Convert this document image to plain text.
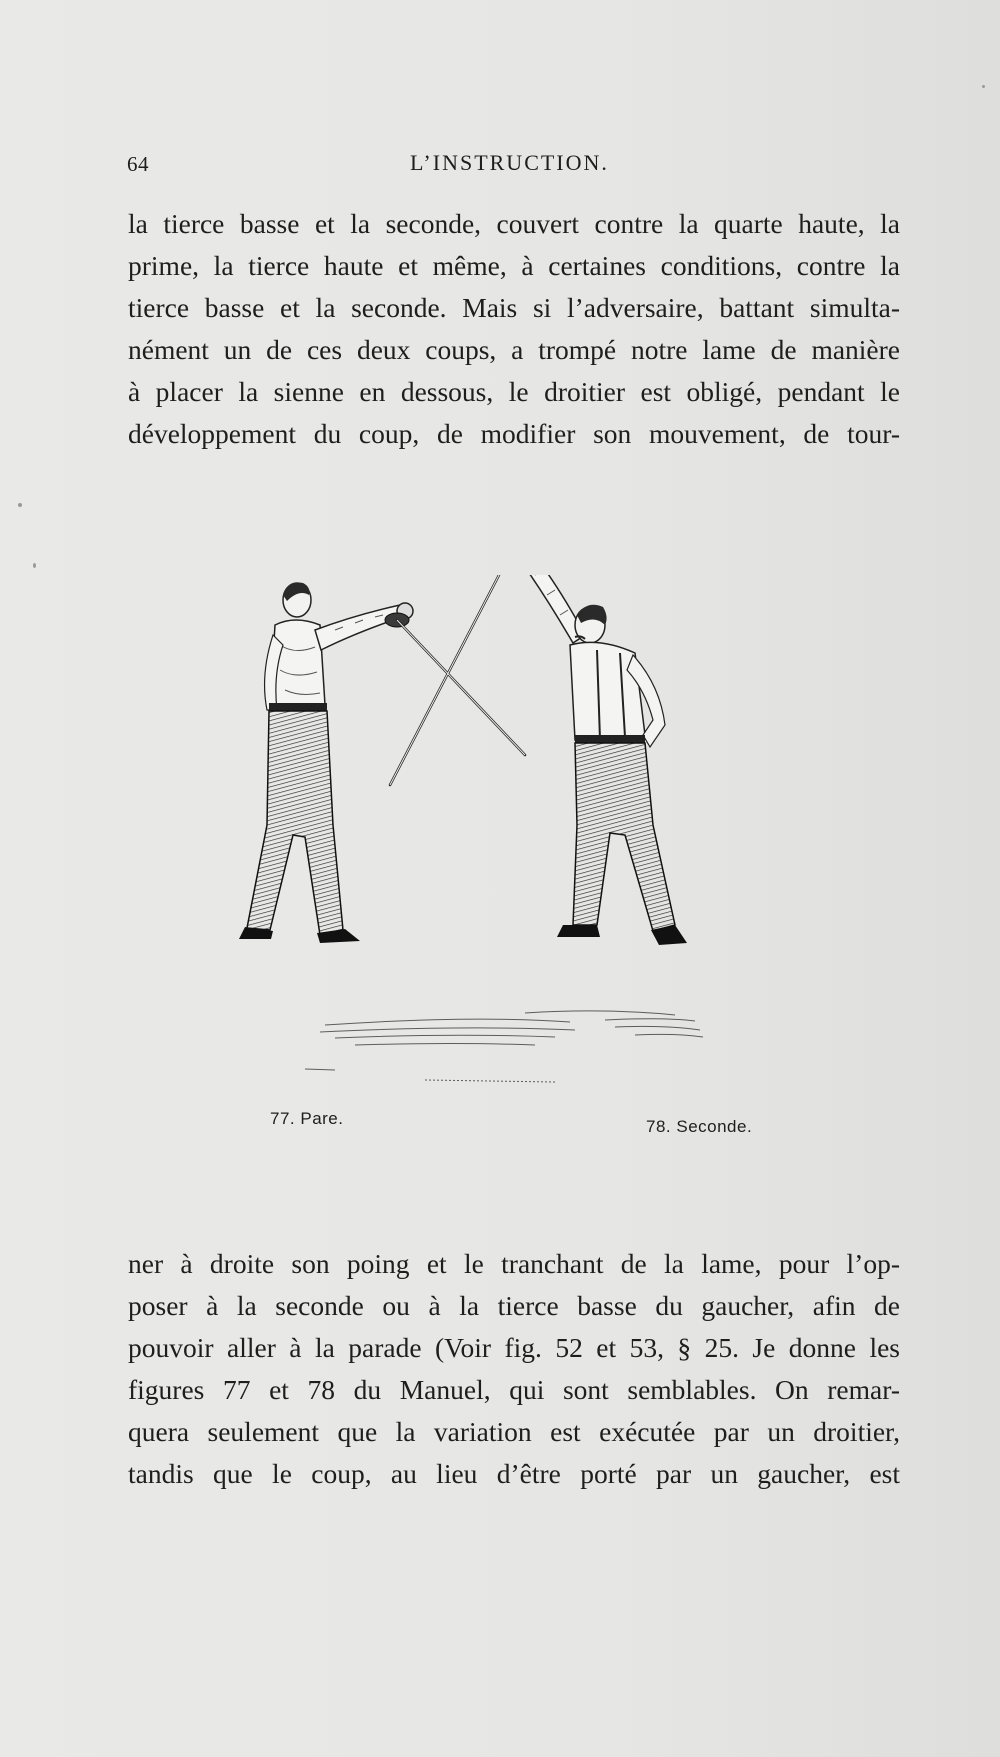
64	L’INSTRUCTION.
la tierce basse et la seconde, couvert contre la quarte haute, la
prime, la tierce haute et même, à certaines conditions, contre la
tierce basse et la seconde. Mais si l’adversaire, battant simulta-
nément un de ces deux coups, a trompé notre lame de manière
à placer la sienne en dessous, le droitier est obligé, pendant le
développement du coup, de modifier son mouvement, de tour-
77. Pare.	78. Seconde.
ner à droite son poing et le tranchant de la lame, pour l’op-
poser à la seconde ou à la tierce basse du gaucher, afin de
pouvoir aller à la parade (Voir fig. 52 et 53, § 25. Je donne les
figures 77 et 78 du Manuel, qui sont semblables. On remar-
quera seulement que la variation est exécutée par un droitier,
tandis que le coup, au lieu d’être porté par un gaucher, est
